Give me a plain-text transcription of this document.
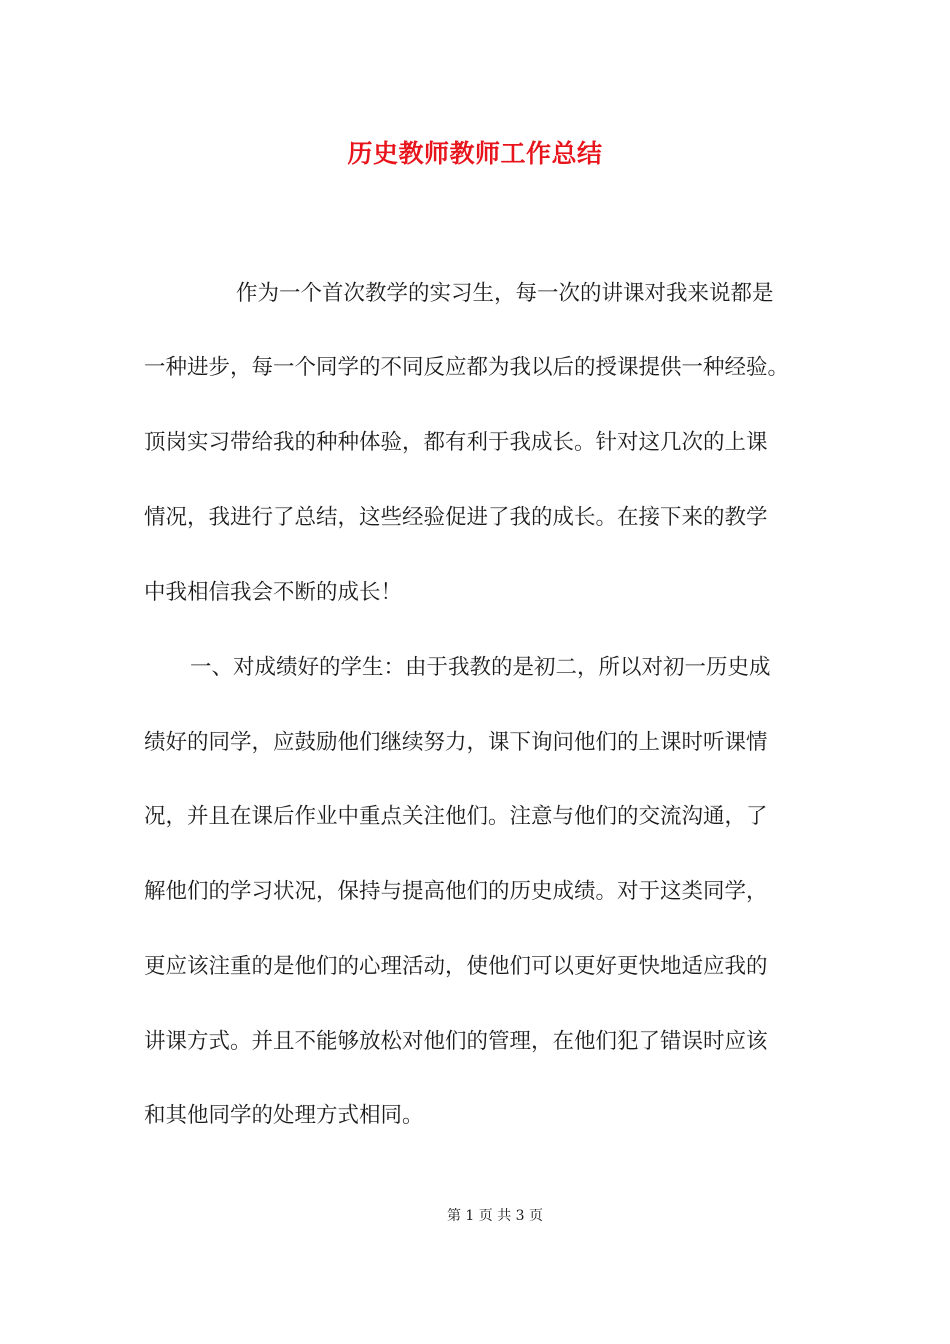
历史教师教师工作总结
作为一个首次教学的实习生，每一次的讲课对我来说都是
一种进步，每一个同学的不同反应都为我以后的授课提供一种经验。
顶岗实习带给我的种种体验，都有利于我成长。针对这几次的上课
情况，我进行了总结，这些经验促进了我的成长。在接下来的教学
中我相信我会不断的成长！
一、对成绩好的学生：由于我教的是初二，所以对初一历史成
绩好的同学，应鼓励他们继续努力，课下询问他们的上课时听课情
况，并且在课后作业中重点关注他们。注意与他们的交流沟通，了
解他们的学习状况，保持与提高他们的历史成绩。对于这类同学，
更应该注重的是他们的心理活动，使他们可以更好更快地适应我的
讲课方式。并且不能够放松对他们的管理，在他们犯了错误时应该
和其他同学的处理方式相同。
第 1 页 共 3 页
